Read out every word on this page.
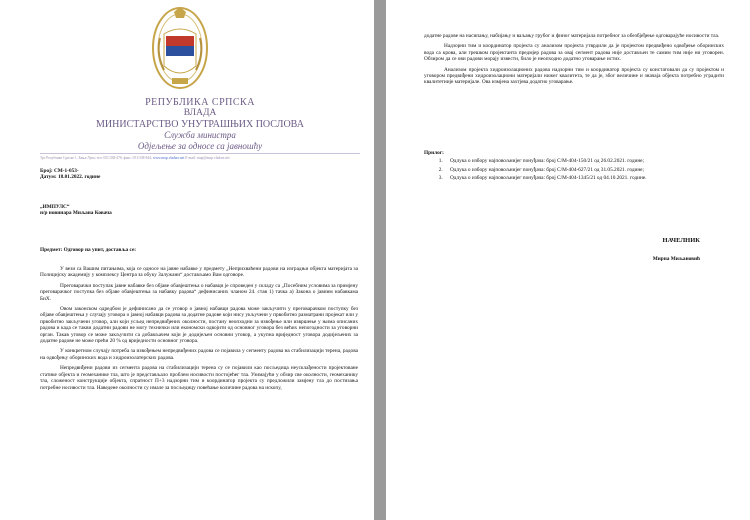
РЕПУБЛИКА СРПСКА
ВЛАДА
МИНИСТАРСТВО УНУТРАШЊИХ ПОСЛОВА
Служба министра
Одјељење за односе са јавношћу
Трг Републике Српске 1, Бања Лука; тел: 051/338-476, факс: 051/338-844; www.mup.vladars.net E-mail: mup@mup.vladars.net
Број: СМ-1-053-
Датум: 18.01.2022. године
„ИМПУЛС“
н/р новинара Миљана Ковача
Предмет: Одговор на упит, доставља се:

У вези са Вашим питањима, која се односе на јавне набавке у предмету „Неприхваћени радови на изградњи објекта материјата за Полицијску академију у комплексу Центра за обуку Залужани“ достављамо Вам одговоре.

Преговарачки поступак јавне набавке без објаве обавјештења о набавци је спроведен у складу са „Посебним условима за примјену преговарачког поступка без објаве обавјештења за набавку радова“ дефинисаних чланом 24. став 1) тачка а) Закона о јавним набавкама БиХ.

Овом законском одредбом је дефинисано да се уговор о јавној набавци радова може закључити у преговарачком поступку без објаве обавјештења у случају уговора о јавној набавци радова за додатне радове који нису укључени у првобитно разматрани пројекат или у првобитно закључени уговор, али који усљед непредвиђених околности, постану неопходни за извођење или извршење у њима описаних радова и када се такви додатни радови не могу технички или економски одвојити од основног уговора без већих непогодности за уговорни орган. Такав уговор се може закључити са добављачем који је додијељен основни уговор, а укупна вриједност уговора додијељених за додатне радове не може прећи 20 % од вриједности основног уговора.

У конкретном случају потреба за извођењем непредвиђених радова се појавила у сегменту радова на стабилизацији терена, радова на одвођењу оборинских вода и хидроизолатерских радова.

Непредвиђени радови из сегмента радова на стабилизацији терена су се појавили као посљедица неусклађености пројектоване статике објекта и геомеханике тла, што је представљало проблем носивости постојећег тла. Узимајући у обзир све околности, геомеханику тла, сложеност конструкције објекта, спратност П+3 надзорни тим и координатор пројекта су предложили замјену тла до постизања потребне носивости тла. Наведене околности су имале за посљедицу повећање количине радова на ископу,

додатне радове на насипању, набијању и ваљању грубог и финог материјала потребног за обезбјеђење одговарајуће носивости тла.

Надзорни тим и координатор пројекта су анализом пројекта утврдили да је пројектом предвиђено одвођење оборинских вода са крова, али грешком пројектанта предмјер радова за овај сегмент радова није достављен те самим тим није ни уговорен. Обзиром да се ови радови морају извести, било је неопходно додатно уговарање истих.

Анализом пројекта хидроизолационих радова надзорни тим и координатор пројекта су констатовали да су пројектом и уговором предвиђени хидроизолациони материјали нижег квалитета, те да је, због величине и значаја објекта потребно уградити квалитетније материјале. Ова измјена захтјева додатно уговарање.

Прилог:
1. Одлука о избору најповољнијег понуђача: број С/М-404-150/21 од 26.02.2021. године;
2. Одлука о избору најповољнијег понуђача: број С/М-404-627/21 од 31.05.2021. године;
3. Одлука о избору најповољнијег понуђача: број С/М-404-1345/21 од 04.10.2021. године.
НАЧЕЛНИК
Мирна Миљановић
